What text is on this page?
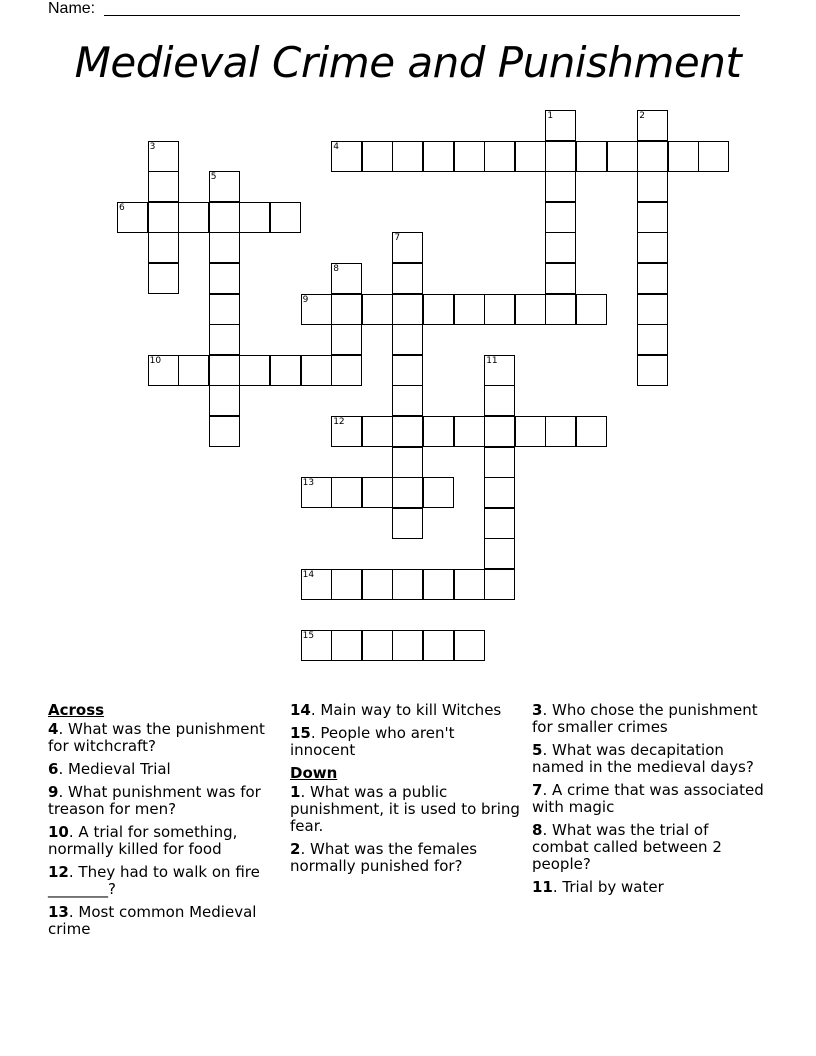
Name:
Medieval Crime and Punishment
1	2
3	4
5
6
7
8
9
10	11
12
13
14
15
Across
4. What was the punishment for witchcraft?
6. Medieval Trial
9. What punishment was for treason for men?
10. A trial for something, normally killed for food
12. They had to walk on fire ________?
13. Most common Medieval crime
14. Main way to kill Witches
15. People who aren't innocent
Down
1. What was a public punishment, it is used to bring fear.
2. What was the females normally punished for?
3. Who chose the punishment for smaller crimes
5. What was decapitation named in the medieval days?
7. A crime that was associated with magic
8. What was the trial of combat called between 2 people?
11. Trial by water
